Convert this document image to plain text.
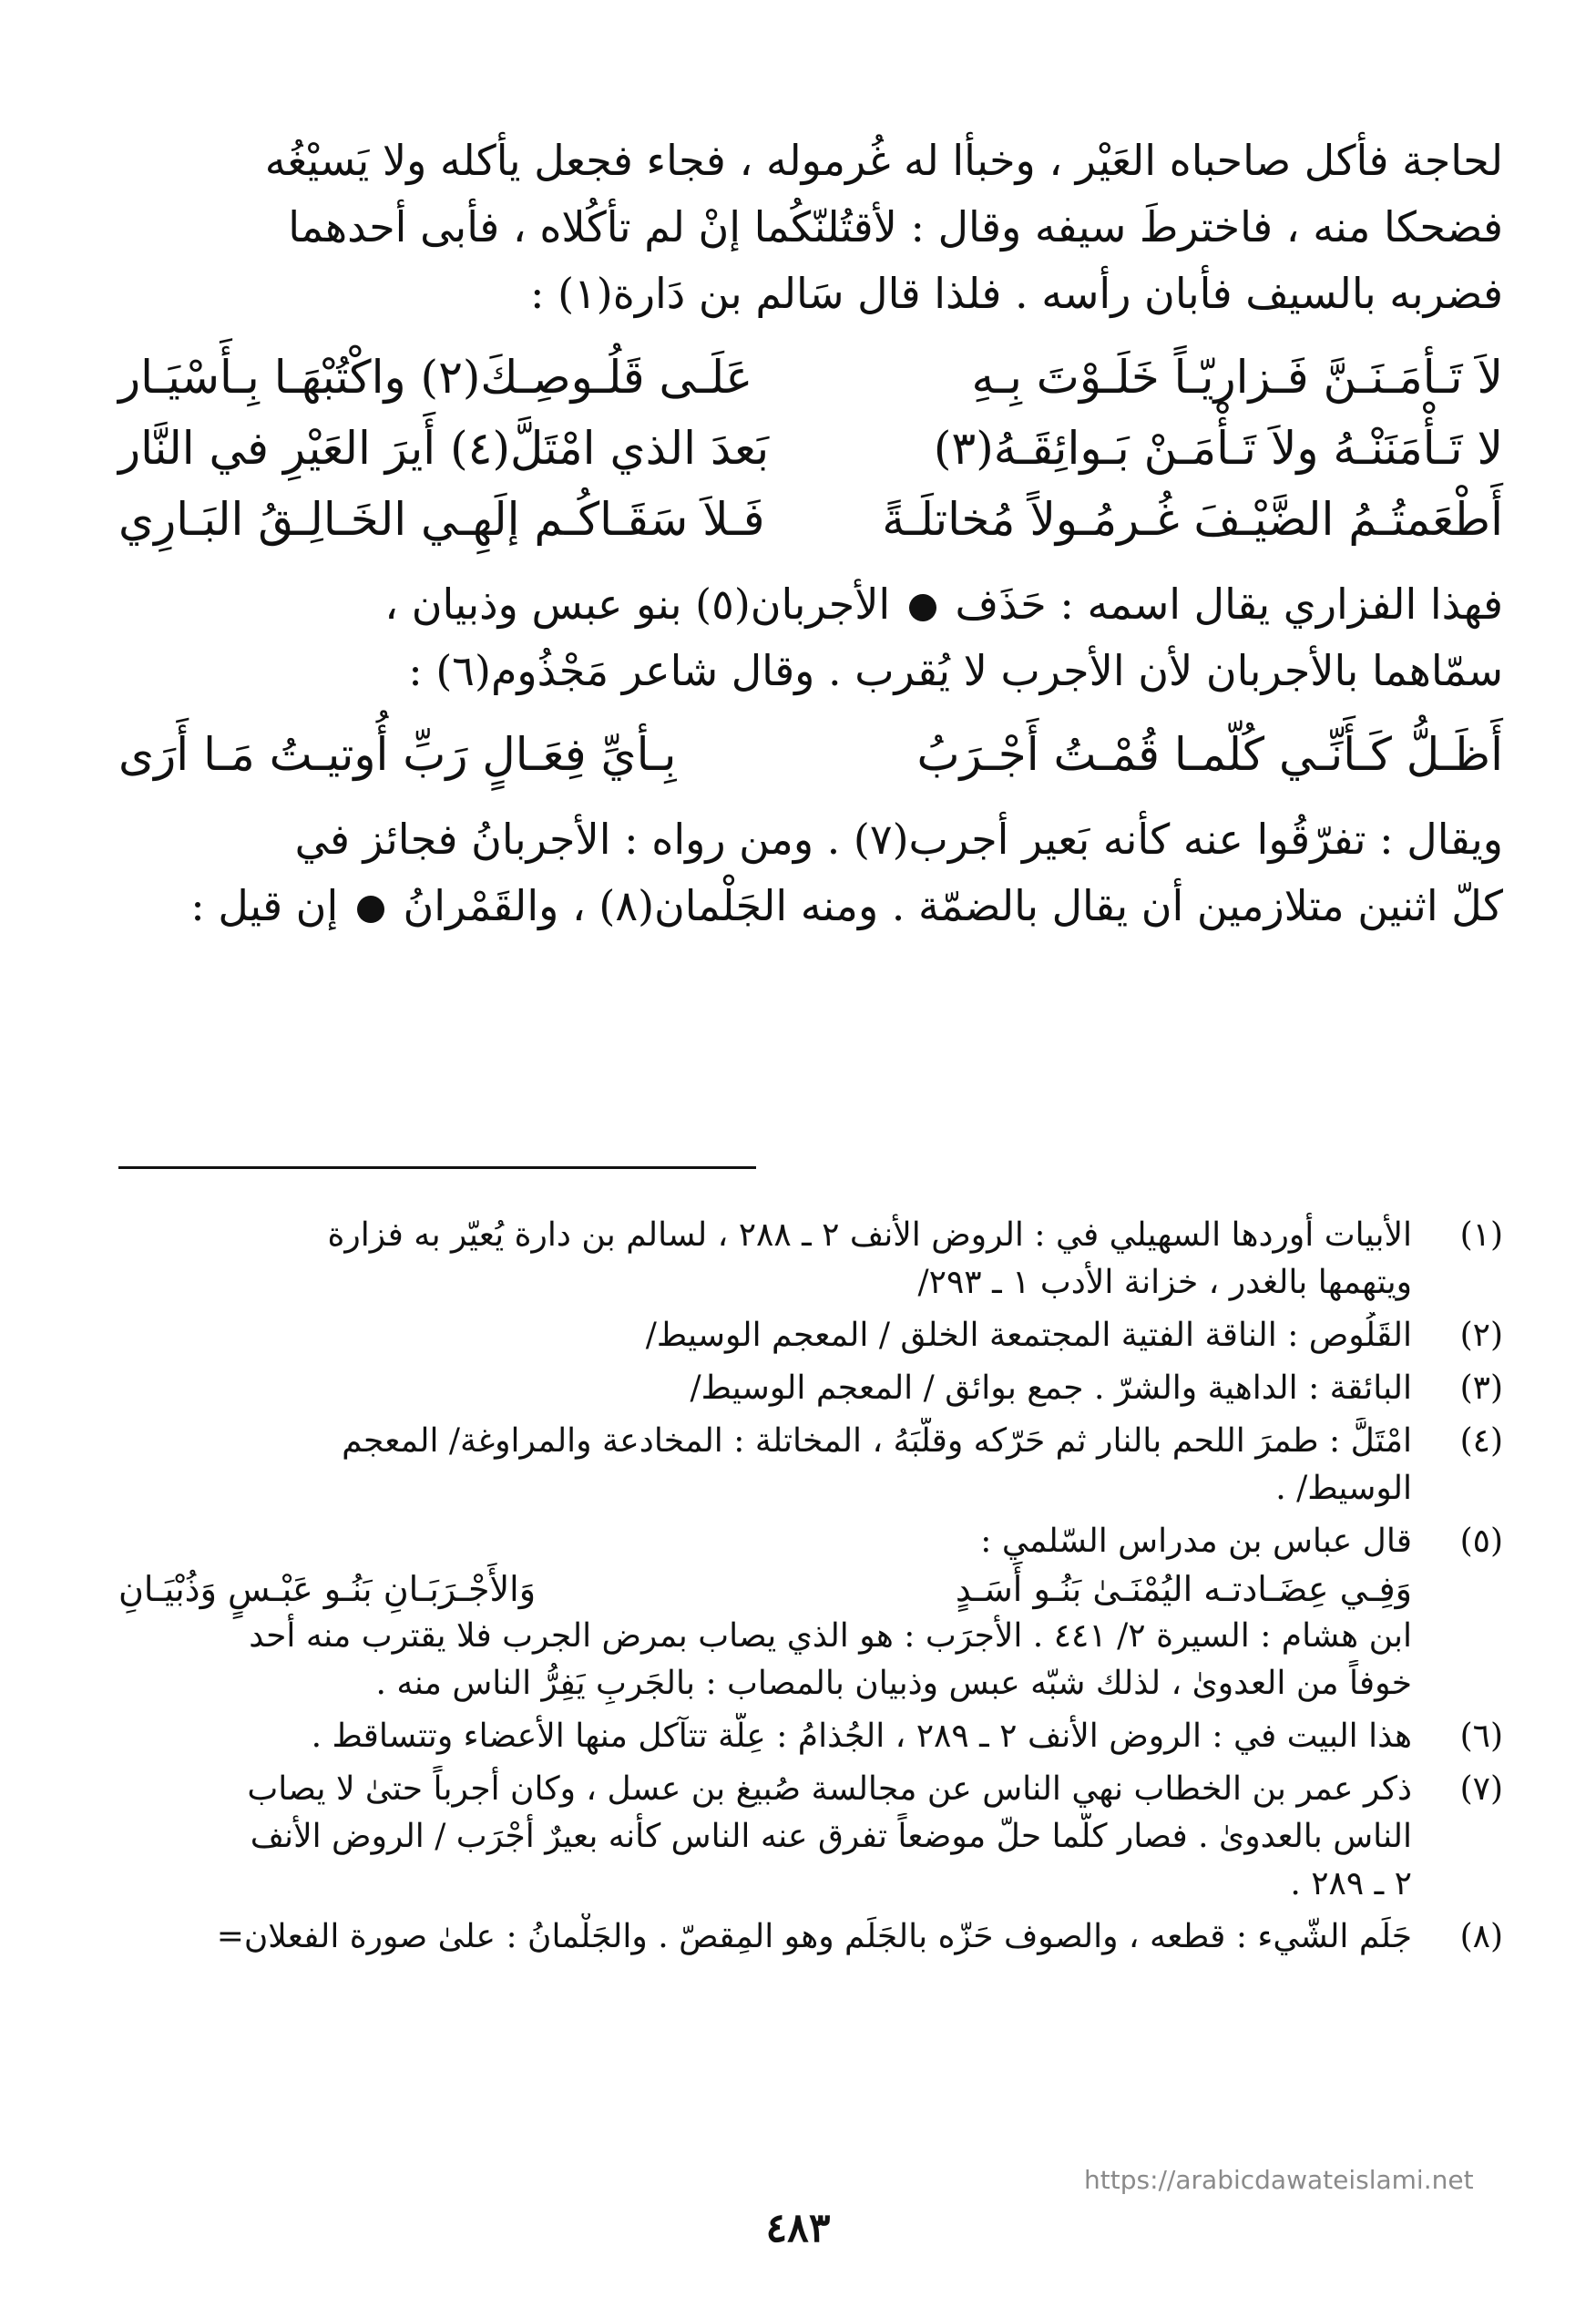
لحاجة فأكل صاحباه العَيْر ، وخبأا له غُرموله ، فجاء فجعل يأكله ولا يَسيْغُه
فضحكا منه ، فاخترطَ سيفه وقال : لأقتُلنّكُما إنْ لم تأكُلاه ، فأبى أحدهما
فضربه بالسيف فأبان رأسه . فلذا قال سَالم بن دَارة(١) :

لاَ تَـأمَـنَـنَّ فَـزاريّـاً خَلَـوْتَ بِـهِ
عَلَـى قَلُـوصِـكَ(٢) واكْتُبْهَـا بِـأَسْيَـار
لا تَـأْمَنَنْـهُ ولاَ تَـأْمَـنْ بَـوائِقَـهُ(٣)
بَعدَ الذي امْتَلَّ(٤) أَيرَ العَيْرِ في النَّار
أَطْعَمتُـمُ الضَّيْـفَ غُـرمُـولاً مُخاتلَـةً
فَـلاَ سَقَـاكُـم إلَهِـي الخَـالِـقُ البَـارِي

فهذا الفزاري يقال اسمه : حَذَف  الأجربان(٥) بنو عبس وذبيان ،
سمّاهما بالأجربان لأن الأجرب لا يُقرب . وقال شاعر مَجْذُوم(٦) :

أَظَـلُّ كَـأَنِّـي كُلّمـا قُمْـتُ أَجْـرَبُ
بِـأيِّ فِعَـالٍ رَبِّ أُوتيـتُ مَـا أَرَى

ويقال : تفرّقُوا عنه كأنه بَعير أجرب(٧) . ومن رواه : الأجربانُ فجائز في
كلّ اثنين متلازمين أن يقال بالضمّة . ومنه الجَلْمان(٨) ، والقَمْرانُ  إن قيل :

(١)
الأبيات أوردها السهيلي في : الروض الأنف ٢ ـ ٢٨٨ ، لسالم بن دارة يُعيّر به فزارة
ويتهمها بالغدر ، خزانة الأدب ١ ـ ٢٩٣/
(٢)
القَلُوص : الناقة الفتية المجتمعة الخلق / المعجم الوسيط/
(٣)
البائقة : الداهية والشرّ . جمع بوائق / المعجم الوسيط/
(٤)
امْتَلَّ : طمرَ اللحم بالنار ثم حَرّكه وقلّبَهُ ، المخاتلة : المخادعة والمراوغة/ المعجم
الوسيط/ .
(٥)
قال عباس بن مدراس السّلمي :
وَفِـي عِضَـادتـه اليُمْنَـىٰ بَنُـو أَسَـدٍ
وَالأَجْـرَبَـانِ بَنُـو عَبْـسٍ وَذُبْيَـانِ
ابن هشام : السيرة ٢/ ٤٤١ . الأجرَب : هو الذي يصاب بمرض الجرب فلا يقترب منه أحد
خوفاً من العدوىٰ ، لذلك شبّه عبس وذبيان بالمصاب : بالجَربِ يَفِرُّ الناس منه .
(٦)
هذا البيت في : الروض الأنف ٢ ـ ٢٨٩ ، الجُذامُ : عِلّة تتآكل منها الأعضاء وتتساقط .
(٧)
ذكر عمر بن الخطاب نهي الناس عن مجالسة صُبيغ بن عسل ، وكان أجرباً حتىٰ لا يصاب
الناس بالعدوىٰ . فصار كلّما حلّ موضعاً تفرق عنه الناس كأنه بعيرٌ أَجْرَب / الروض الأنف
٢ ـ ٢٨٩ .
(٨)
جَلَم الشّيء : قطعه ، والصوف حَزّه بالجَلَم وهو المِقصّ . والجَلْمانُ : علىٰ صورة الفعلان=
https://arabicdawateislami.net
٤٨٣
